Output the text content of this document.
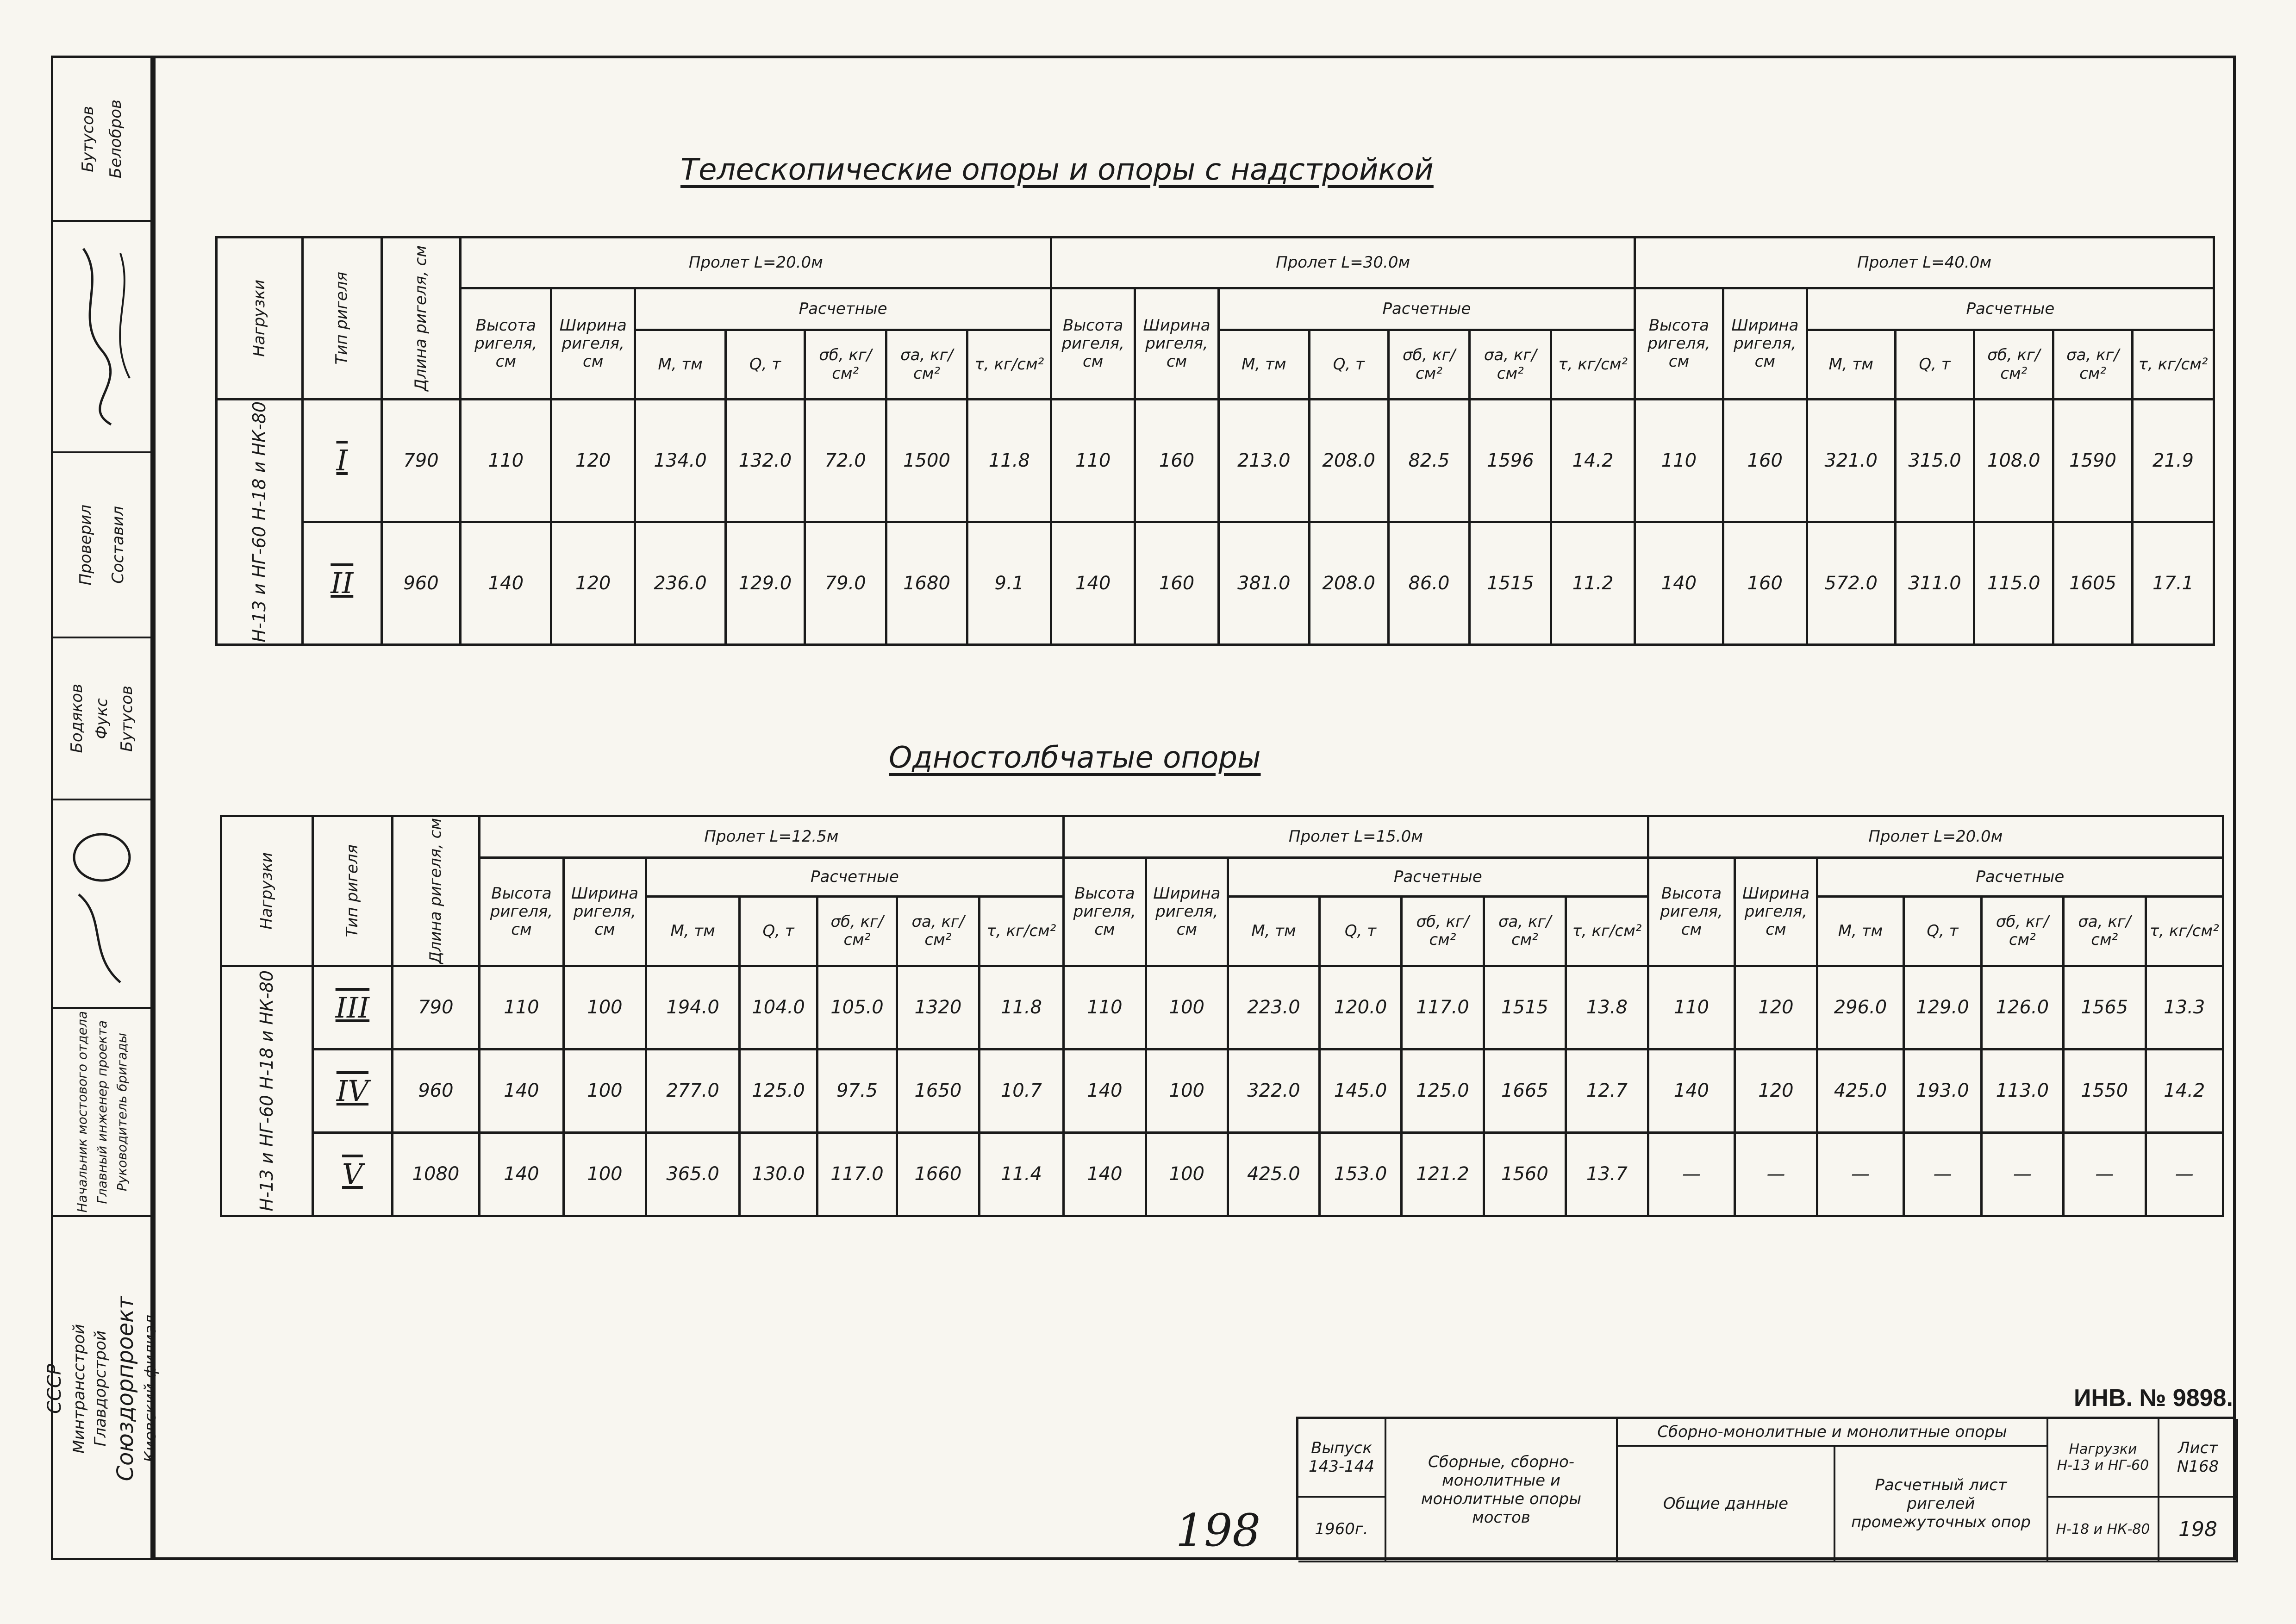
Бутусов Белобров
Проверил Составил
Бодяков Фукс Бутусов
Начальник мостового отдела Главный инженер проекта Руководитель бригады
СССР Минтрансстрой Главдорстрой Союздорпроект Киевский филиал
Телескопические опоры и опоры с надстройкой
Нагрузки	Тип ригеля	Длина ригеля, см	Пролет L=20.0м							Пролет L=30.0м							Пролет L=40.0м						
			Высота ригеля, см	Ширина ригеля, см	Расчетные					Высота ригеля, см	Ширина ригеля, см	Расчетные					Высота ригеля, см	Ширина ригеля, см	Расчетные				
					М, тм	Q, т	σб, кг/см²	σа, кг/см²	τ, кг/см²			М, тм	Q, т	σб, кг/см²	σа, кг/см²	τ, кг/см²			М, тм	Q, т	σб, кг/см²	σа, кг/см²	τ, кг/см²

Н-13 и НГ-60 Н-18 и НК-80	I	790	110	120	134.0	132.0	72.0	1500	11.8	110	160	213.0	208.0	82.5	1596	14.2	110	160	321.0	315.0	108.0	1590	21.9
	II	960	140	120	236.0	129.0	79.0	1680	9.1	140	160	381.0	208.0	86.0	1515	11.2	140	160	572.0	311.0	115.0	1605	17.1
Одностолбчатые опоры
Нагрузки	Тип ригеля	Длина ригеля, см	Пролет L=12.5м							Пролет L=15.0м							Пролет L=20.0м						
			Высота ригеля, см	Ширина ригеля, см	Расчетные					Высота ригеля, см	Ширина ригеля, см	Расчетные					Высота ригеля, см	Ширина ригеля, см	Расчетные				
					М, тм	Q, т	σб, кг/см²	σа, кг/см²	τ, кг/см²			М, тм	Q, т	σб, кг/см²	σа, кг/см²	τ, кг/см²			М, тм	Q, т	σб, кг/см²	σа, кг/см²	τ, кг/см²

Н-13 и НГ-60 Н-18 и НК-80	III	790	110	100	194.0	104.0	105.0	1320	11.8	110	100	223.0	120.0	117.0	1515	13.8	110	120	296.0	129.0	126.0	1565	13.3
	IV	960	140	100	277.0	125.0	97.5	1650	10.7	140	100	322.0	145.0	125.0	1665	12.7	140	120	425.0	193.0	113.0	1550	14.2
	V	1080	140	100	365.0	130.0	117.0	1660	11.4	140	100	425.0	153.0	121.2	1560	13.7	—	—	—	—	—	—	—
ИНВ. № 9898.
198
Выпуск
143-144
1960г.
Сборные, сборно-монолитные и монолитные опоры мостов
Сборно-монолитные и монолитные опоры
Общие данные
Расчетный лист ригелей промежуточных опор
Нагрузки
Н-13 и НГ-60
Н-18 и НК-80
Лист
N168
198
